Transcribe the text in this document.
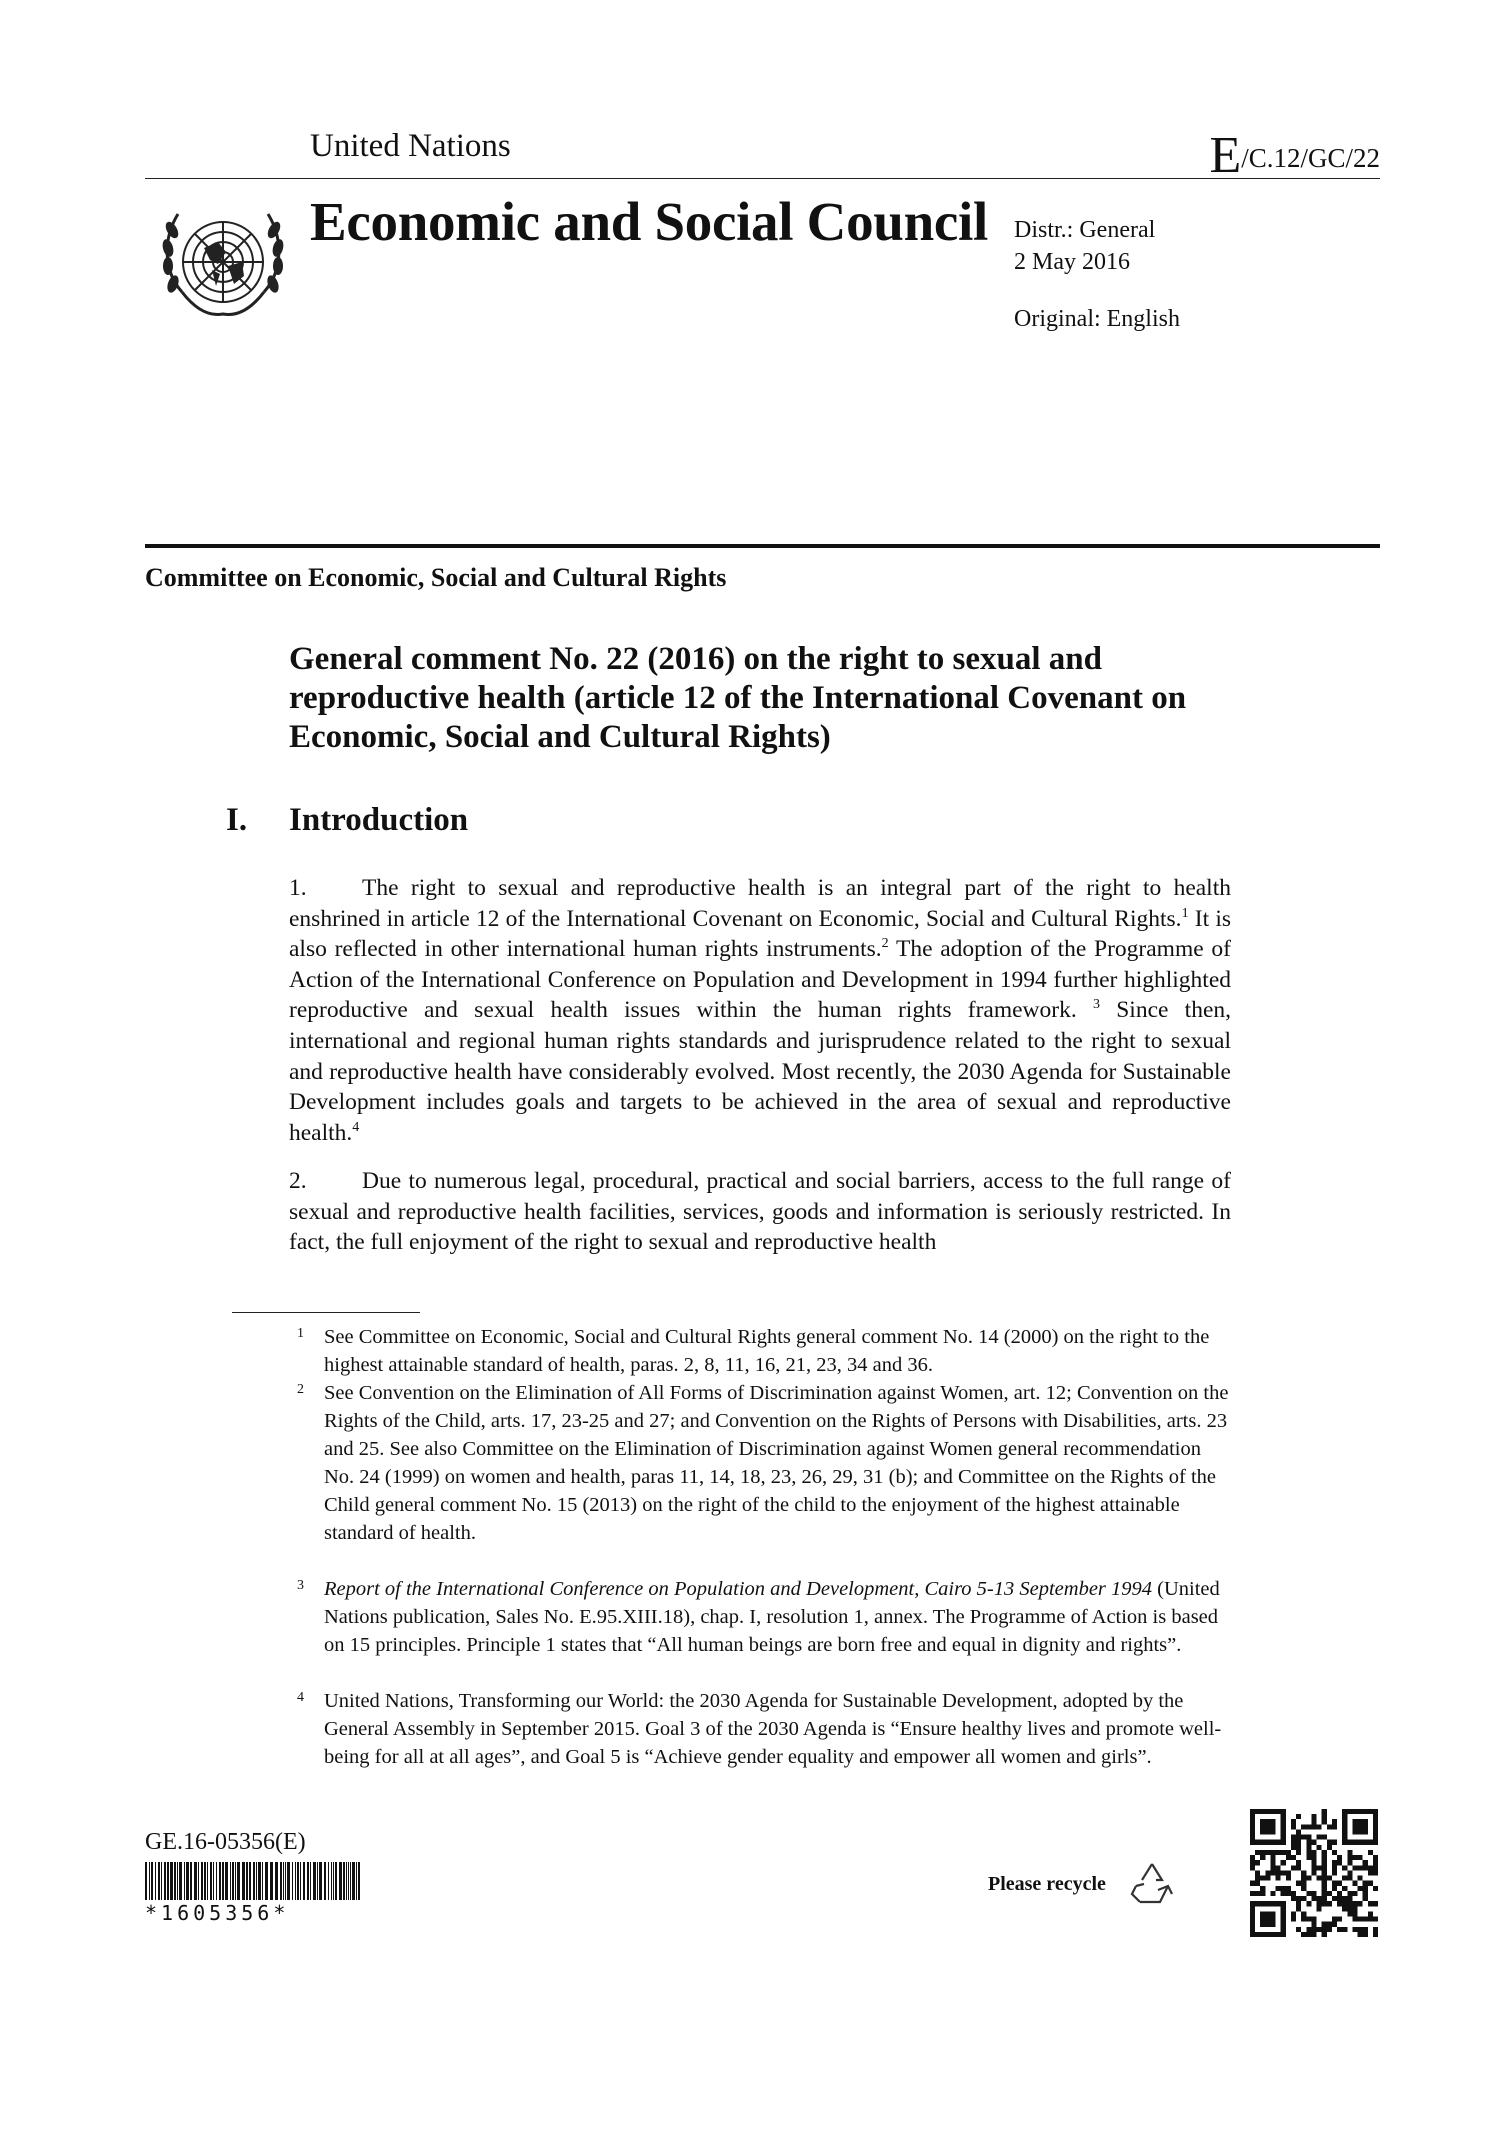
United Nations	E/C.12/GC/22
Economic and Social Council Distr.: General
2 May 2016
Original: English
Committee on Economic, Social and Cultural Rights
General comment No. 22 (2016) on the right to sexual and reproductive health (article 12 of the International Covenant on Economic, Social and Cultural Rights)
I. Introduction
1. The right to sexual and reproductive health is an integral part of the right to health enshrined in article 12 of the International Covenant on Economic, Social and Cultural Rights.$^1$ It is also reflected in other international human rights instruments.$^2$ The adoption of the Programme of Action of the International Conference on Population and Development in 1994 further highlighted reproductive and sexual health issues within the human rights framework. $^3$ Since then, international and regional human rights standards and jurisprudence related to the right to sexual and reproductive health have considerably evolved. Most recently, the 2030 Agenda for Sustainable Development includes goals and targets to be achieved in the area of sexual and reproductive health.$^4$
2. Due to numerous legal, procedural, practical and social barriers, access to the full range of sexual and reproductive health facilities, services, goods and information is seriously restricted. In fact, the full enjoyment of the right to sexual and reproductive health
1 See Committee on Economic, Social and Cultural Rights general comment No. 14 (2000) on the right to the highest attainable standard of health, paras. 2, 8, 11, 16, 21, 23, 34 and 36.
2 See Convention on the Elimination of All Forms of Discrimination against Women, art. 12; Convention on the Rights of the Child, arts. 17, 23-25 and 27; and Convention on the Rights of Persons with Disabilities, arts. 23 and 25. See also Committee on the Elimination of Discrimination against Women general recommendation No. 24 (1999) on women and health, paras 11, 14, 18, 23, 26, 29, 31 (b); and Committee on the Rights of the Child general comment No. 15 (2013) on the right of the child to the enjoyment of the highest attainable standard of health.
3 Report of the International Conference on Population and Development, Cairo 5-13 September 1994 (United Nations publication, Sales No. E.95.XIII.18), chap. I, resolution 1, annex. The Programme of Action is based on 15 principles. Principle 1 states that “All human beings are born free and equal in dignity and rights”.
4 United Nations, Transforming our World: the 2030 Agenda for Sustainable Development, adopted by the General Assembly in September 2015. Goal 3 of the 2030 Agenda is “Ensure healthy lives and promote well-being for all at all ages”, and Goal 5 is “Achieve gender equality and empower all women and girls”.
GE.16-05356(E)
*1605356*
Please recycle
